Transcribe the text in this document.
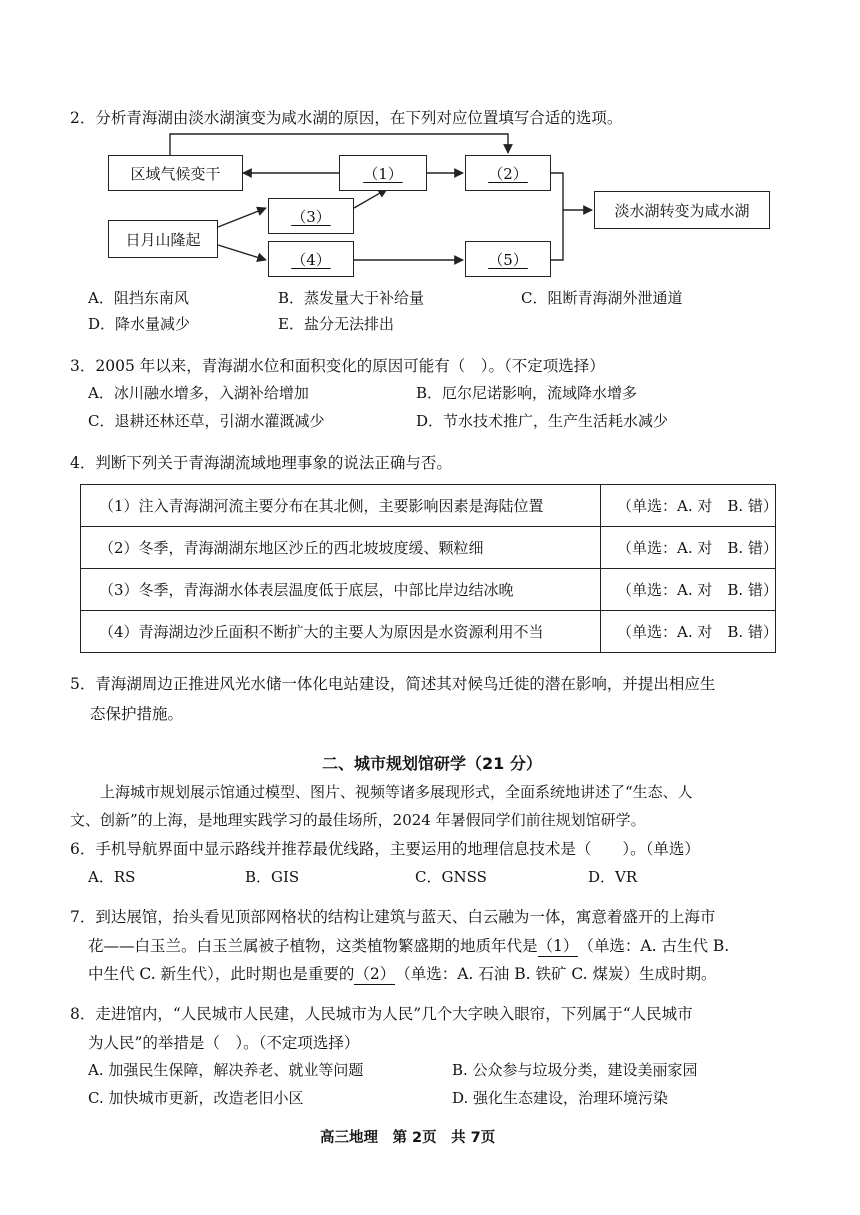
2．分析青海湖由淡水湖演变为咸水湖的原因，在下列对应位置填写合适的选项。
区域气候变干	（1）	（2）
日月山隆起
（3）
（4）	（5）
淡水湖转变为咸水湖
A．阻挡东南风	B．蒸发量大于补给量	C．阻断青海湖外泄通道
D．降水量减少	E．盐分无法排出
3．2005 年以来，青海湖水位和面积变化的原因可能有（　）。（不定项选择）
A．冰川融水增多，入湖补给增加	B．厄尔尼诺影响，流域降水增多
C．退耕还林还草，引湖水灌溉减少	D．节水技术推广，生产生活耗水减少
4．判断下列关于青海湖流域地理事象的说法正确与否。
（1）注入青海湖河流主要分布在其北侧，主要影响因素是海陆位置	（单选：A. 对　B. 错）
（2）冬季，青海湖湖东地区沙丘的西北坡坡度缓、颗粒细	（单选：A. 对　B. 错）
（3）冬季，青海湖水体表层温度低于底层，中部比岸边结冰晚	（单选：A. 对　B. 错）
（4）青海湖边沙丘面积不断扩大的主要人为原因是水资源利用不当	（单选：A. 对　B. 错）
5．青海湖周边正推进风光水储一体化电站建设，简述其对候鸟迁徙的潜在影响，并提出相应生
态保护措施。
二、城市规划馆研学（21 分）
上海城市规划展示馆通过模型、图片、视频等诸多展现形式，全面系统地讲述了“生态、人
文、创新”的上海，是地理实践学习的最佳场所，2024 年暑假同学们前往规划馆研学。
6．手机导航界面中显示路线并推荐最优线路，主要运用的地理信息技术是（　　）。（单选）
A．RS	B．GIS	C．GNSS	D．VR
7．到达展馆，抬头看见顶部网格状的结构让建筑与蓝天、白云融为一体，寓意着盛开的上海市
花——白玉兰。白玉兰属被子植物，这类植物繁盛期的地质年代是（1）（单选：A. 古生代 B.
中生代 C. 新生代），此时期也是重要的（2）（单选：A. 石油 B. 铁矿 C. 煤炭）生成时期。
8．走进馆内，“人民城市人民建，人民城市为人民”几个大字映入眼帘，下列属于“人民城市
为人民”的举措是（　）。（不定项选择）
A. 加强民生保障，解决养老、就业等问题	B. 公众参与垃圾分类，建设美丽家园
C. 加快城市更新，改造老旧小区	D. 强化生态建设，治理环境污染
高三地理　第 2页　共 7页
